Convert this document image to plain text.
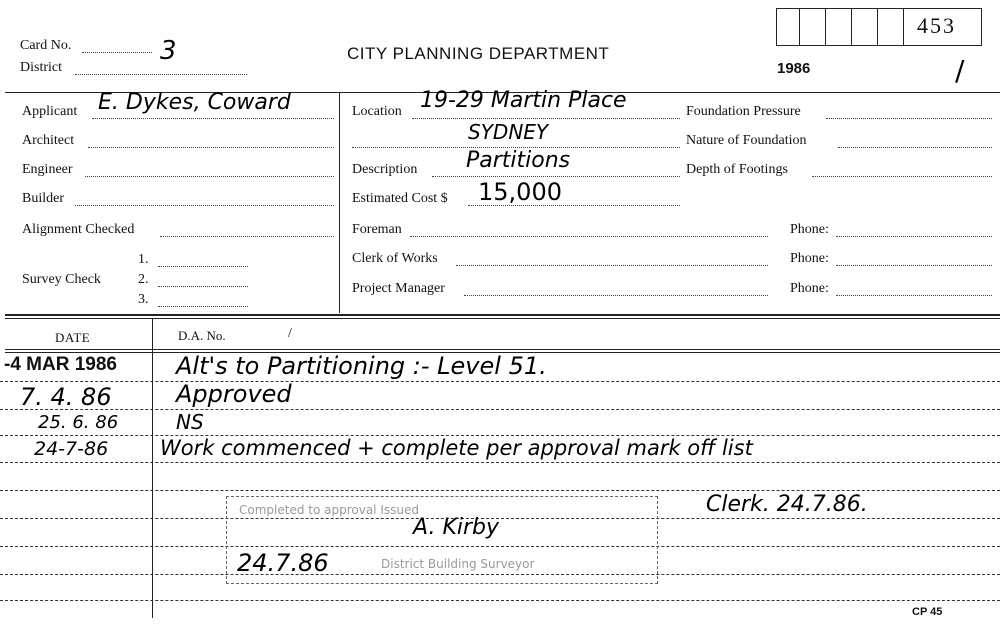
Card No.	3
District
CITY PLANNING DEPARTMENT
1986	/
453
Applicant E. Dykes, Coward
Architect
Engineer
Builder
Alignment Checked
Survey Check
1.
2.
3.
Location 19-29 Martin Place
SYDNEY
Description Partitions
Estimated Cost $ 15,000
Foreman
Clerk of Works
Project Manager
Foundation Pressure
Nature of Foundation
Depth of Footings
Phone:
Phone:
Phone:
DATE	D.A. No.	/
-4 MAR 1986 Alt's to Partitioning :- Level 51.
7. 4. 86	Approved
25. 6. 86	NS
24-7-86 Work commenced + complete per approval mark off list
Completed to approval Issued
A. Kirby
24.7.86	District Building Surveyor
Clerk. 24.7.86.
CP 45
